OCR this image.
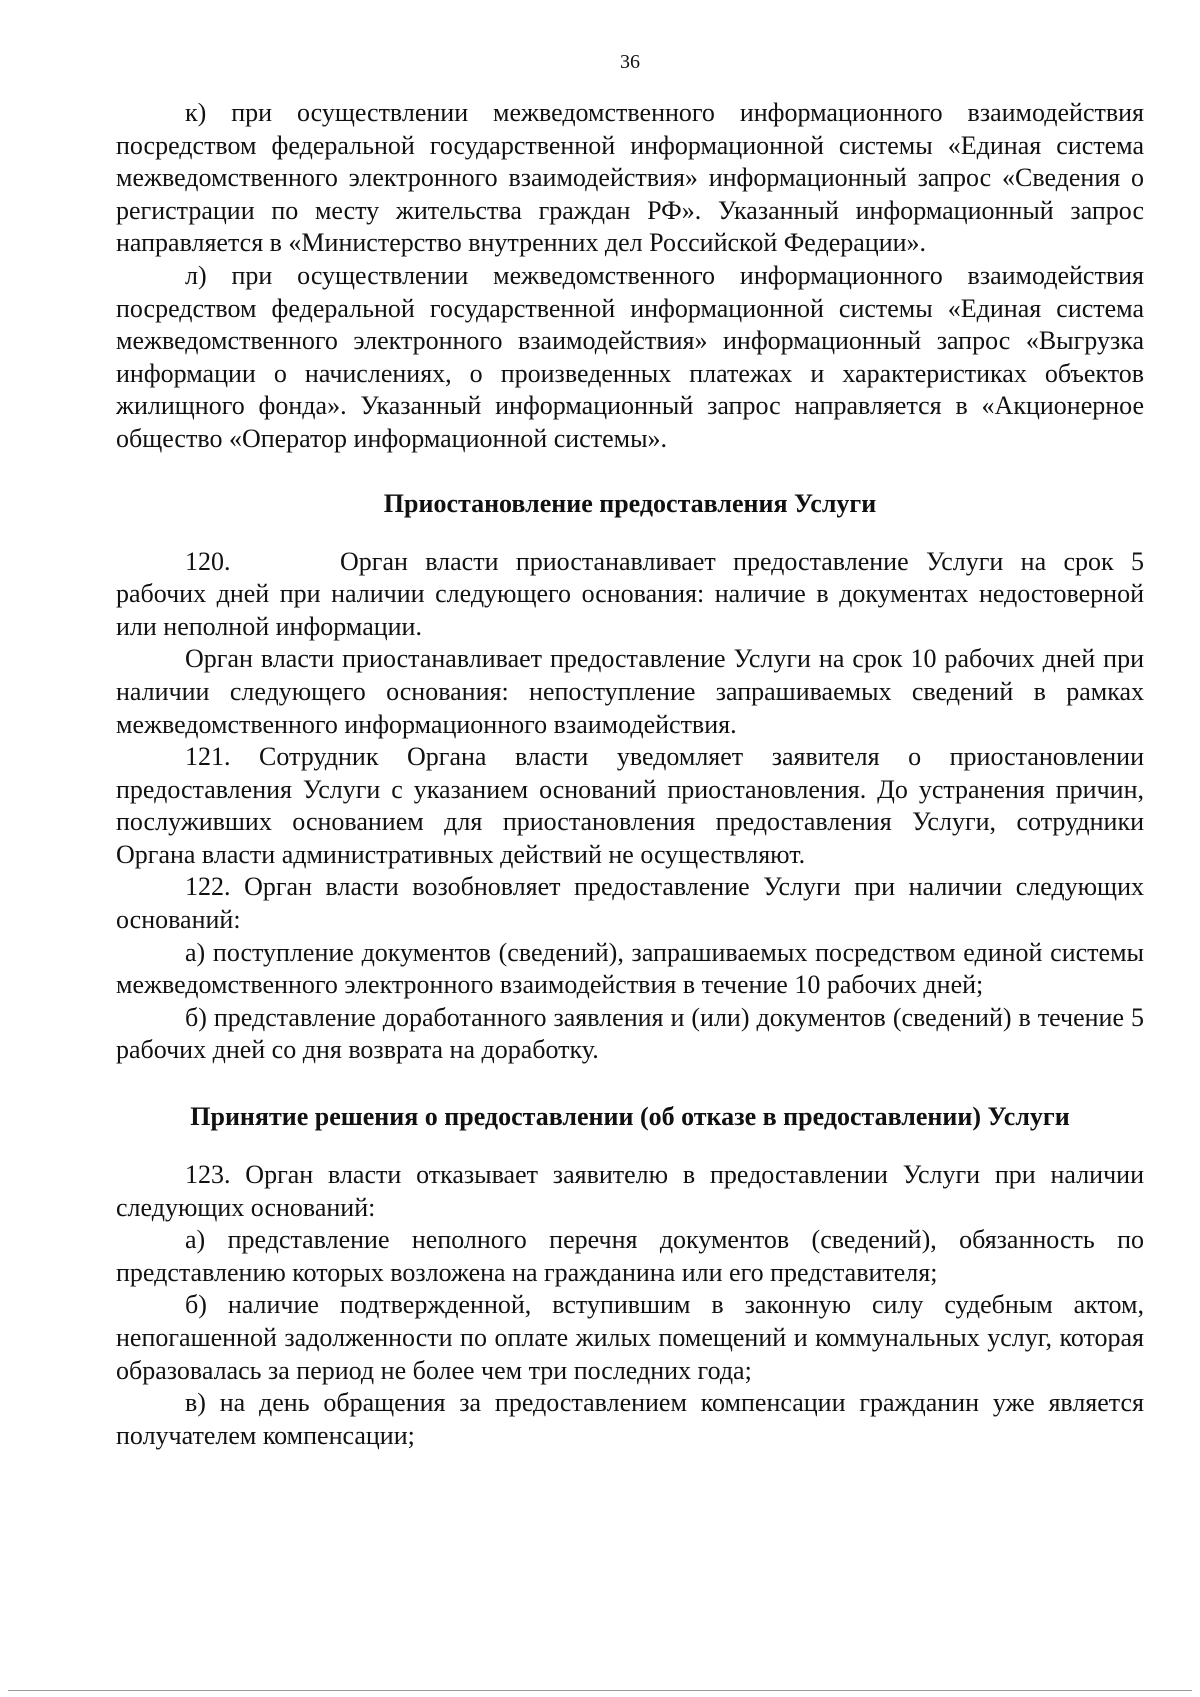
36

к) при осуществлении межведомственного информационного взаимодействия посредством федеральной государственной информационной системы «Единая система межведомственного электронного взаимодействия» информационный запрос «Сведения о регистрации по месту жительства граждан РФ». Указанный информационный запрос направляется в «Министерство внутренних дел Российской Федерации».

л) при осуществлении межведомственного информационного взаимодействия посредством федеральной государственной информационной системы «Единая система межведомственного электронного взаимодействия» информационный запрос «Выгрузка информации о начислениях, о произведенных платежах и характеристиках объектов жилищного фонда». Указанный информационный запрос направляется в «Акционерное общество «Оператор информационной системы».

Приостановление предоставления Услуги

120.	Орган власти приостанавливает предоставление Услуги на срок 5 рабочих дней при наличии следующего основания: наличие в документах недостоверной или неполной информации.

Орган власти приостанавливает предоставление Услуги на срок 10 рабочих дней при наличии следующего основания: непоступление запрашиваемых сведений в рамках межведомственного информационного взаимодействия.

121. Сотрудник Органа власти уведомляет заявителя о приостановлении предоставления Услуги с указанием оснований приостановления. До устранения причин, послуживших основанием для приостановления предоставления Услуги, сотрудники Органа власти административных действий не осуществляют.

122. Орган власти возобновляет предоставление Услуги при наличии следующих оснований:

а) поступление документов (сведений), запрашиваемых посредством единой системы межведомственного электронного взаимодействия в течение 10 рабочих дней;

б) представление доработанного заявления и (или) документов (сведений) в течение 5 рабочих дней со дня возврата на доработку.

Принятие решения о предоставлении (об отказе в предоставлении) Услуги

123. Орган власти отказывает заявителю в предоставлении Услуги при наличии следующих оснований:

а) представление неполного перечня документов (сведений), обязанность по представлению которых возложена на гражданина или его представителя;

б) наличие подтвержденной, вступившим в законную силу судебным актом, непогашенной задолженности по оплате жилых помещений и коммунальных услуг, которая образовалась за период не более чем три последних года;

в) на день обращения за предоставлением компенсации гражданин уже является получателем компенсации;
